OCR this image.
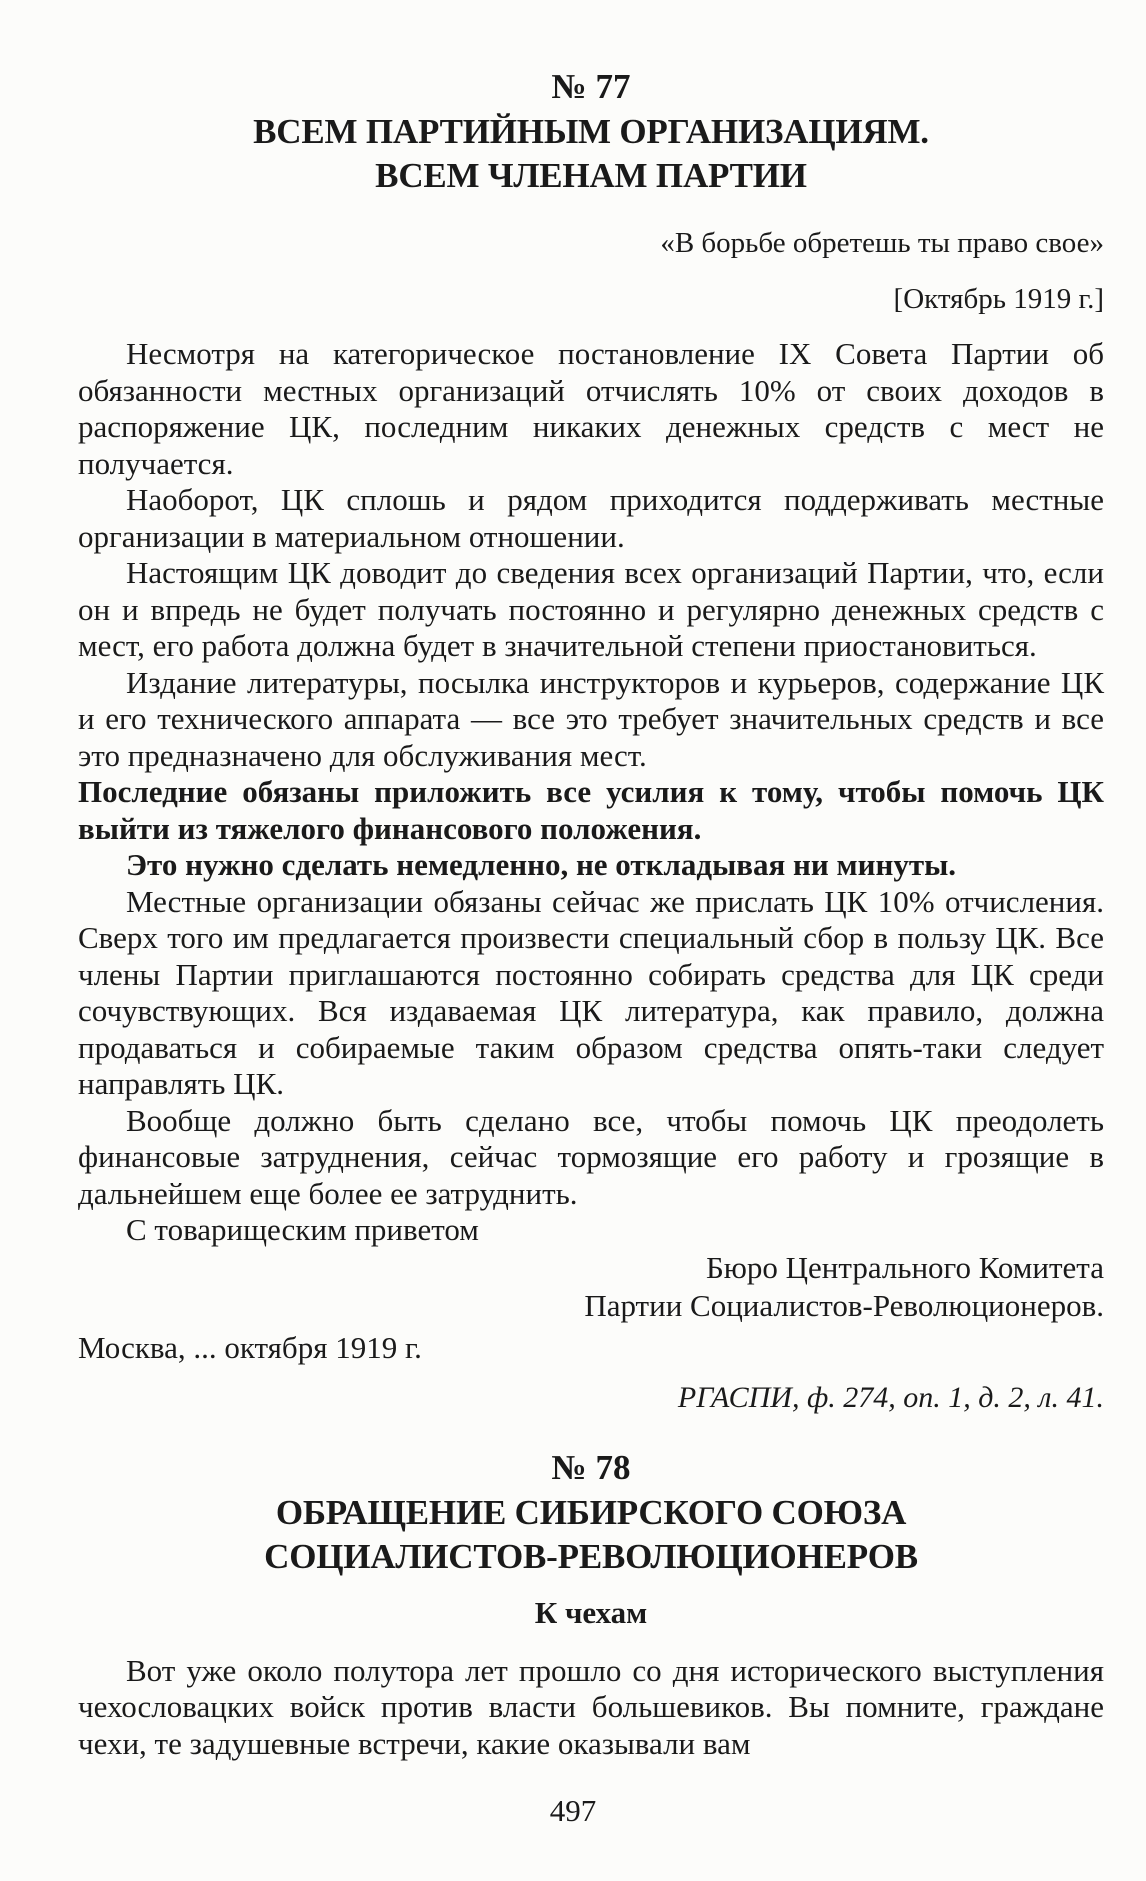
№ 77
ВСЕМ ПАРТИЙНЫМ ОРГАНИЗАЦИЯМ.
ВСЕМ ЧЛЕНАМ ПАРТИИ
«В борьбе обретешь ты право свое»
[Октябрь 1919 г.]

Несмотря на категорическое постановление IX Совета Партии об обязанности местных организаций отчислять 10% от своих доходов в распоряжение ЦК, последним никаких денежных средств с мест не получается.

Наоборот, ЦК сплошь и рядом приходится поддерживать местные организации в материальном отношении.

Настоящим ЦК доводит до сведения всех организаций Партии, что, если он и впредь не будет получать постоянно и регулярно денежных средств с мест, его работа должна будет в значительной степени приостановиться.

Издание литературы, посылка инструкторов и курьеров, содержание ЦК и его технического аппарата — все это требует значительных средств и все это предназначено для обслуживания мест.

Последние обязаны приложить все усилия к тому, чтобы помочь ЦК выйти из тяжелого финансового положения.

Это нужно сделать немедленно, не откладывая ни минуты.

Местные организации обязаны сейчас же прислать ЦК 10% отчисления. Сверх того им предлагается произвести специальный сбор в пользу ЦК. Все члены Партии приглашаются постоянно собирать средства для ЦК среди сочувствующих. Вся издаваемая ЦК литература, как правило, должна продаваться и собираемые таким образом средства опять-таки следует направлять ЦК.

Вообще должно быть сделано все, чтобы помочь ЦК преодолеть финансовые затруднения, сейчас тормозящие его работу и грозящие в дальнейшем еще более ее затруднить.

С товарищеским приветом

Бюро Центрального Комитета
Партии Социалистов-Революционеров.
Москва, ... октября 1919 г.
РГАСПИ, ф. 274, оп. 1, д. 2, л. 41.
№ 78
ОБРАЩЕНИЕ СИБИРСКОГО СОЮЗА
СОЦИАЛИСТОВ-РЕВОЛЮЦИОНЕРОВ
К чехам

Вот уже около полутора лет прошло со дня исторического выступления чехословацких войск против власти большевиков. Вы помните, граждане чехи, те задушевные встречи, какие оказывали вам

497
